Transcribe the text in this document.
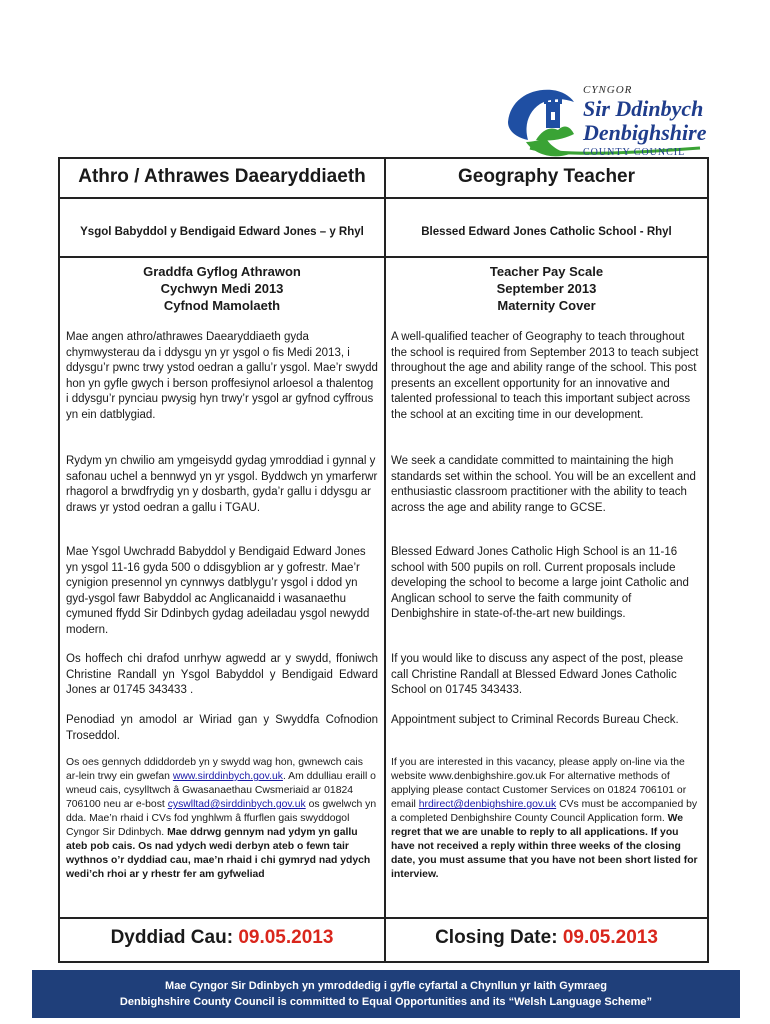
CYNGOR
Sir Ddinbych
Denbighshire
COUNTY COUNCIL
Athro / Athrawes Daearyddiaeth
Ysgol Babyddol y Bendigaid Edward Jones – y Rhyl
Graddfa Gyflog Athrawon
Cychwyn Medi 2013
Cyfnod Mamolaeth
Mae angen athro/athrawes Daearyddiaeth gyda chymwysterau da i ddysgu yn yr ysgol o fis Medi 2013, i ddysgu’r pwnc trwy ystod oedran a gallu’r ysgol. Mae’r swydd hon yn gyfle gwych i berson proffesiynol arloesol a thalentog i ddysgu’r pynciau pwysig hyn trwy’r ysgol ar gyfnod cyffrous yn ein datblygiad.
Rydym yn chwilio am ymgeisydd gydag ymroddiad i gynnal y safonau uchel a bennwyd yn yr ysgol. Byddwch yn ymarferwr rhagorol a brwdfrydig yn y dosbarth, gyda’r gallu i ddysgu ar draws yr ystod oedran a gallu i TGAU.
Mae Ysgol Uwchradd Babyddol y Bendigaid Edward Jones yn ysgol 11-16 gyda 500 o ddisgyblion ar y gofrestr. Mae’r cynigion presennol yn cynnwys datblygu’r ysgol i ddod yn gyd-ysgol fawr Babyddol ac Anglicanaidd i wasanaethu cymuned ffydd Sir Ddinbych gydag adeiladau ysgol newydd modern.
Os hoffech chi drafod unrhyw agwedd ar y swydd, ffoniwch Christine Randall yn Ysgol Babyddol y Bendigaid Edward Jones ar 01745 343433 .
Penodiad yn amodol ar Wiriad gan y Swyddfa Cofnodion Troseddol.
Os oes gennych ddiddordeb yn y swydd wag hon, gwnewch cais ar-lein trwy ein gwefan www.sirddinbych.gov.uk. Am ddulliau eraill o wneud cais, cysylltwch â Gwasanaethau Cwsmeriaid ar 01824 706100 neu ar e-bost cyswlltad@sirddinbych.gov.uk os gwelwch yn dda. Mae’n rhaid i CVs fod ynghlwm â ffurflen gais swyddogol Cyngor Sir Ddinbych. Mae ddrwg gennym nad ydym yn gallu ateb pob cais. Os nad ydych wedi derbyn ateb o fewn tair wythnos o’r dyddiad cau, mae’n rhaid i chi gymryd nad ydych wedi’ch rhoi ar y rhestr fer am gyfweliad
Dyddiad Cau: 09.05.2013
Geography Teacher
Blessed Edward Jones Catholic School - Rhyl
Teacher Pay Scale
September 2013
Maternity Cover
A well-qualified teacher of Geography to teach throughout the school is required from September 2013 to teach subject throughout the age and ability range of the school. This post presents an excellent opportunity for an innovative and talented professional to teach this important subject across the school at an exciting time in our development.
We seek a candidate committed to maintaining the high standards set within the school. You will be an excellent and enthusiastic classroom practitioner with the ability to teach across the age and ability range to GCSE.
Blessed Edward Jones Catholic High School is an 11-16 school with 500 pupils on roll. Current proposals include developing the school to become a large joint Catholic and Anglican school to serve the faith community of Denbighshire in state-of-the-art new buildings.
If you would like to discuss any aspect of the post, please call Christine Randall at Blessed Edward Jones Catholic School on 01745 343433.
Appointment subject to Criminal Records Bureau Check.
If you are interested in this vacancy, please apply on-line via the website www.denbighshire.gov.uk For alternative methods of applying please contact Customer Services on 01824 706101 or email hrdirect@denbighshire.gov.uk CVs must be accompanied by a completed Denbighshire County Council Application form. We regret that we are unable to reply to all applications. If you have not received a reply within three weeks of the closing date, you must assume that you have not been short listed for interview.
Closing Date: 09.05.2013
Mae Cyngor Sir Ddinbych yn ymroddedig i gyfle cyfartal a Chynllun yr Iaith Gymraeg
Denbighshire County Council is committed to Equal Opportunities and its “Welsh Language Scheme”
